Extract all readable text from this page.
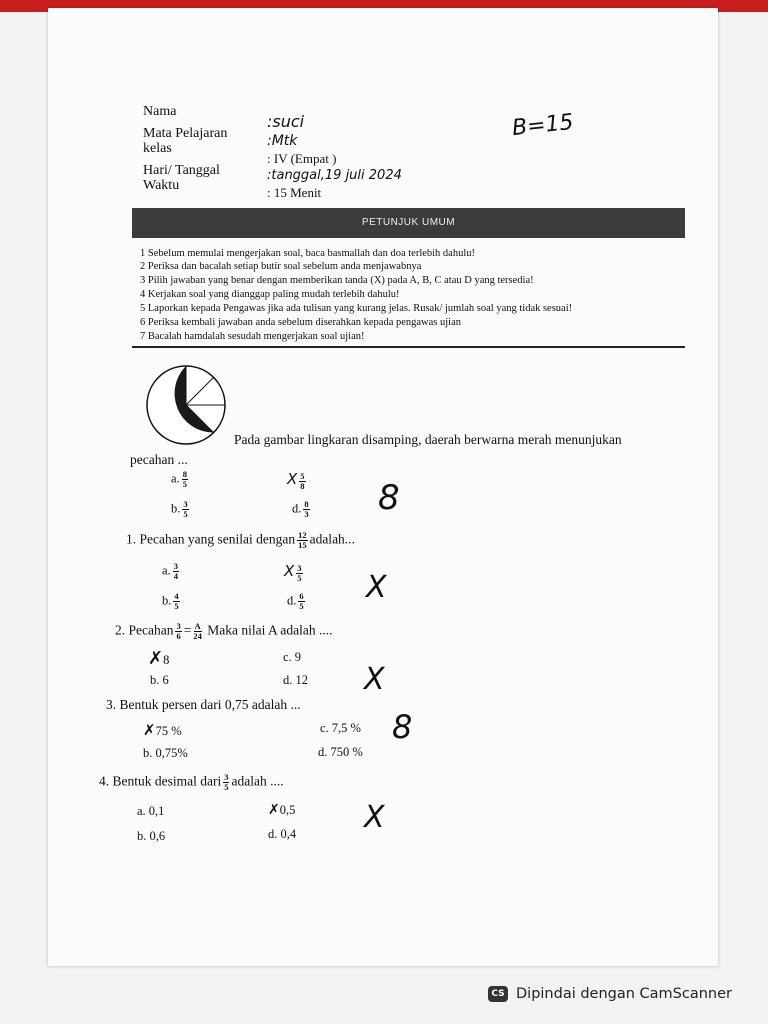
Nama
:suci
Mata Pelajaran	:Mtk
kelas
: IV (Empat )
Hari/ Tanggal	:tanggal,19 juli 2024
Waktu	: 15 Menit
B=15
PETUNJUK UMUM
1 Sebelum memulai mengerjakan soal, baca basmallah dan doa terlebih dahulu!
2 Periksa dan bacalah setiap butir soal sebelum anda menjawabnya
3 Pilih jawaban yang benar dengan memberikan tanda (X) pada A, B, C atau D yang tersedia!
4 Kerjakan soal yang dianggap paling mudah terlebih dahulu!
5 Laporkan kepada Pengawas jika ada tulisan yang kurang jelas. Rusak/ jumlah soal yang tidak sesuai!
6 Periksa kembali jawaban anda sebelum diserahkan kepada pengawas ujian
7 Bacalah hamdalah sesudah mengerjakan soal ujian!
Pada gambar lingkaran disamping, daerah berwarna merah menunjukan
pecahan ...
a. $\frac{8}{5}$
b. $\frac{3}{5}$
X $\frac{5}{8}$
d. $\frac{8}{3} 8$
1. Pecahan yang senilai dengan $\frac{12}{15}$ adalah...
a. $\frac{3}{4}$
b. $\frac{4}{5}$
X $\frac{3}{5}$
d. $\frac{6}{5}$ X
2. Pecahan $\frac{3}{6} = \frac{A}{24}$ Maka nilai A adalah ....
✗8
b. 6
c. 9
d. 12 X
3. Bentuk persen dari 0,75 adalah ...
✗75 %
b. 0,75%
c. 7,5 %
d. 750 %
8
4. Bentuk desimal dari $\frac{3}{5}$ adalah ....
a. 0,1
b. 0,6
✗0,5
d. 0,4 X
CS Dipindai dengan CamScanner
